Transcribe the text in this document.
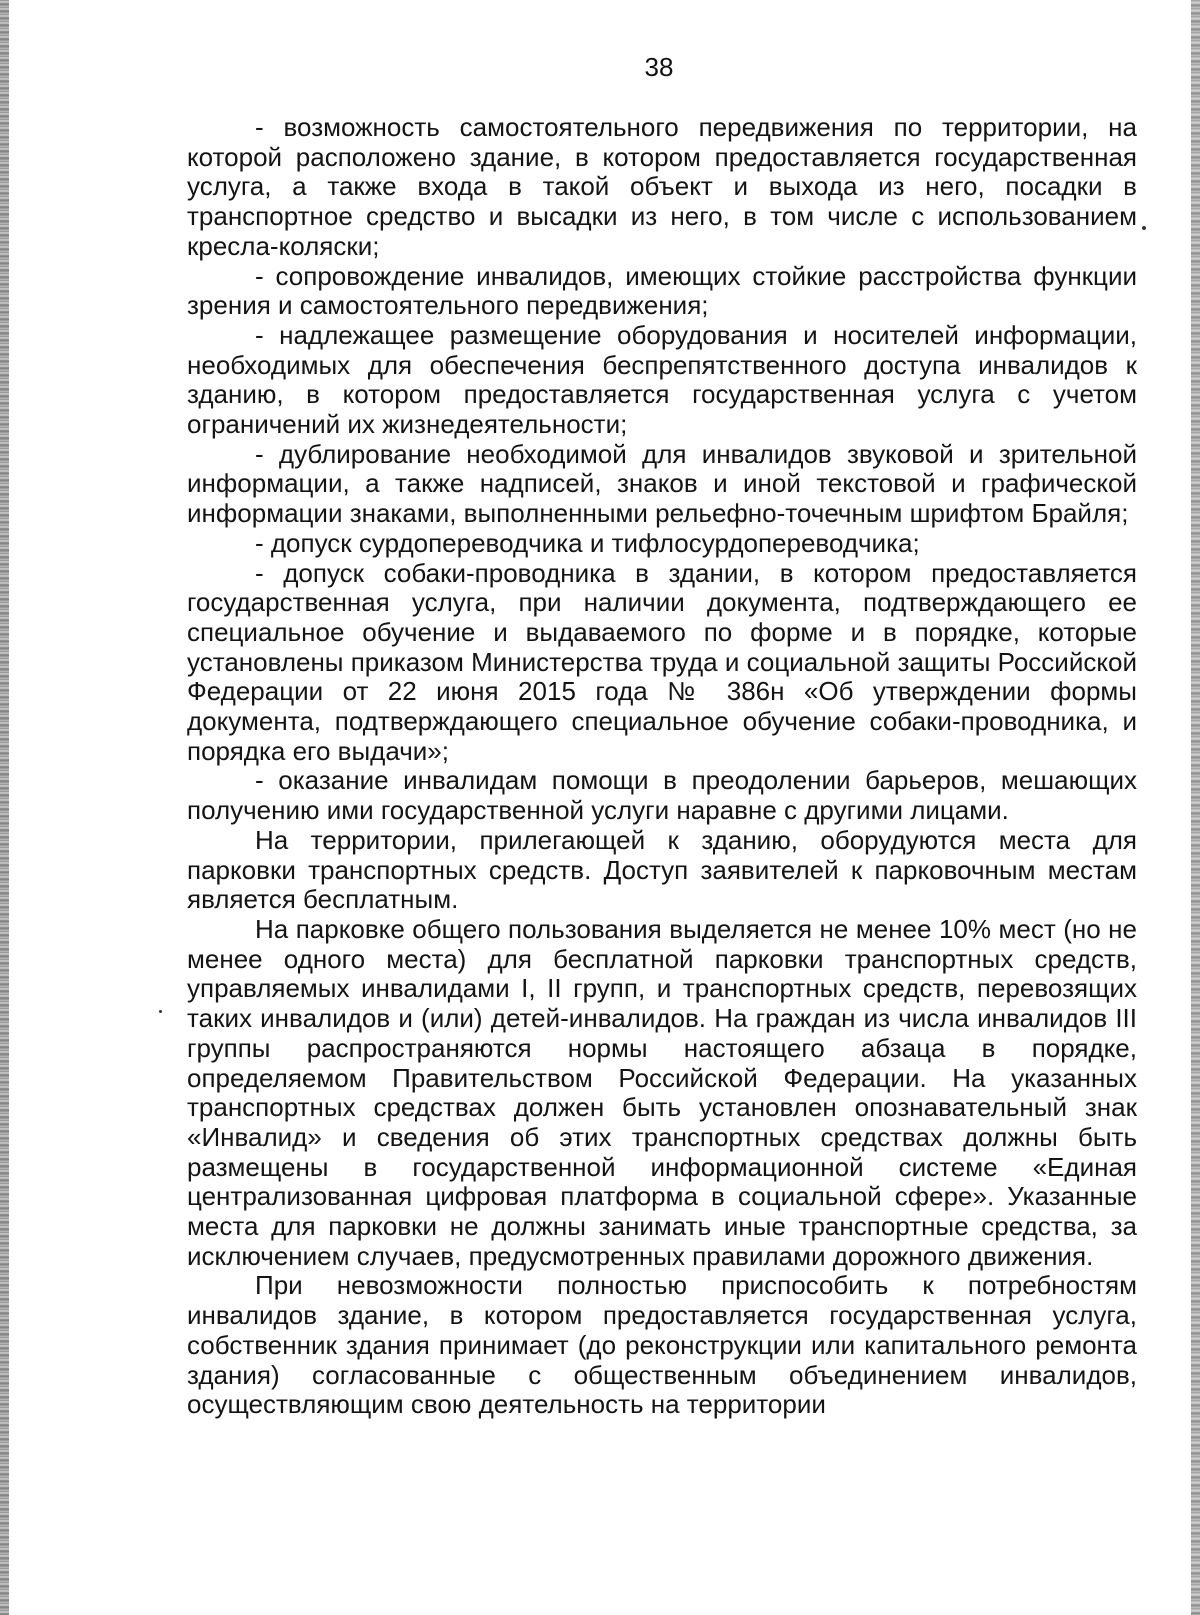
38

- возможность самостоятельного передвижения по территории, на которой расположено здание, в котором предоставляется государственная услуга, а также входа в такой объект и выхода из него, посадки в транспортное средство и высадки из него, в том числе с использованием кресла-коляски;

- сопровождение инвалидов, имеющих стойкие расстройства функции зрения и самостоятельного передвижения;

- надлежащее размещение оборудования и носителей информации, необходимых для обеспечения беспрепятственного доступа инвалидов к зданию, в котором предоставляется государственная услуга с учетом ограничений их жизнедеятельности;

- дублирование необходимой для инвалидов звуковой и зрительной информации, а также надписей, знаков и иной текстовой и графической информации знаками, выполненными рельефно-точечным шрифтом Брайля;

- допуск сурдопереводчика и тифлосурдопереводчика;

- допуск собаки-проводника в здании, в котором предоставляется государственная услуга, при наличии документа, подтверждающего ее специальное обучение и выдаваемого по форме и в порядке, которые установлены приказом Министерства труда и социальной защиты Российской Федерации от 22 июня 2015 года № 386н «Об утверждении формы документа, подтверждающего специальное обучение собаки-проводника, и порядка его выдачи»;

- оказание инвалидам помощи в преодолении барьеров, мешающих получению ими государственной услуги наравне с другими лицами.

На территории, прилегающей к зданию, оборудуются места для парковки транспортных средств. Доступ заявителей к парковочным местам является бесплатным.

На парковке общего пользования выделяется не менее 10% мест (но не менее одного места) для бесплатной парковки транспортных средств, управляемых инвалидами I, II групп, и транспортных средств, перевозящих таких инвалидов и (или) детей-инвалидов. На граждан из числа инвалидов III группы распространяются нормы настоящего абзаца в порядке, определяемом Правительством Российской Федерации. На указанных транспортных средствах должен быть установлен опознавательный знак «Инвалид» и сведения об этих транспортных средствах должны быть размещены в государственной информационной системе «Единая централизованная цифровая платформа в социальной сфере». Указанные места для парковки не должны занимать иные транспортные средства, за исключением случаев, предусмотренных правилами дорожного движения.

При невозможности полностью приспособить к потребностям инвалидов здание, в котором предоставляется государственная услуга, собственник здания принимает (до реконструкции или капитального ремонта здания) согласованные с общественным объединением инвалидов, осуществляющим свою деятельность на территории
